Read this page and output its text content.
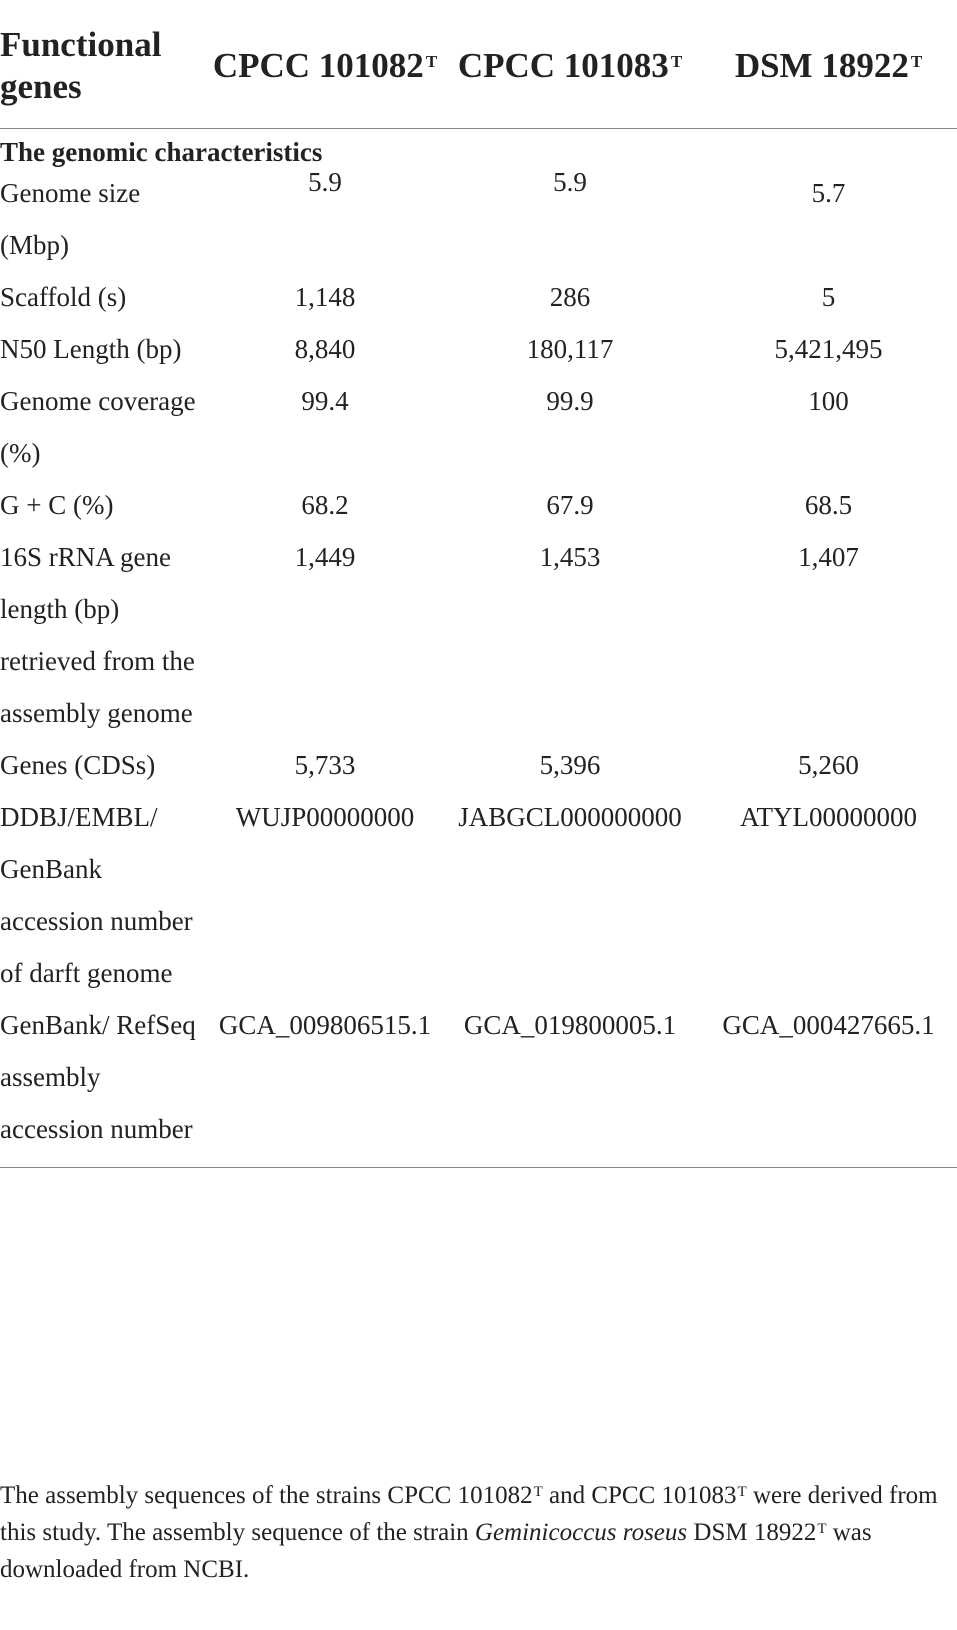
Functional genes	CPCC 101082 $^T$	CPCC 101083 $^T$	DSM 18922 $^T$
The genomic characteristics			
Genome size (Mbp)	5.9	5.9	5.7
Scaffold (s)	1,148	286	5
N50 Length (bp)	8,840	180,117	5,421,495
Genome coverage (%)	99.4	99.9	100
G + C (%)	68.2	67.9	68.5
16S rRNA gene length (bp) retrieved from the assembly genome	1,449	1,453	1,407
Genes (CDSs)	5,733	5,396	5,260
DDBJ/EMBL/ GenBank accession number of darft genome	WUJP00000000	JABGCL000000000	ATYL00000000
GenBank/ RefSeq assembly accession number	GCA_009806515.1	GCA_019800005.1	GCA_000427665.1

The assembly sequences of the strains CPCC $101082^T$ and CPCC $101083^T$ were derived from this study. The assembly sequence of the strain Geminicoccus roseus DSM $18922^T$ was downloaded from NCBI.
